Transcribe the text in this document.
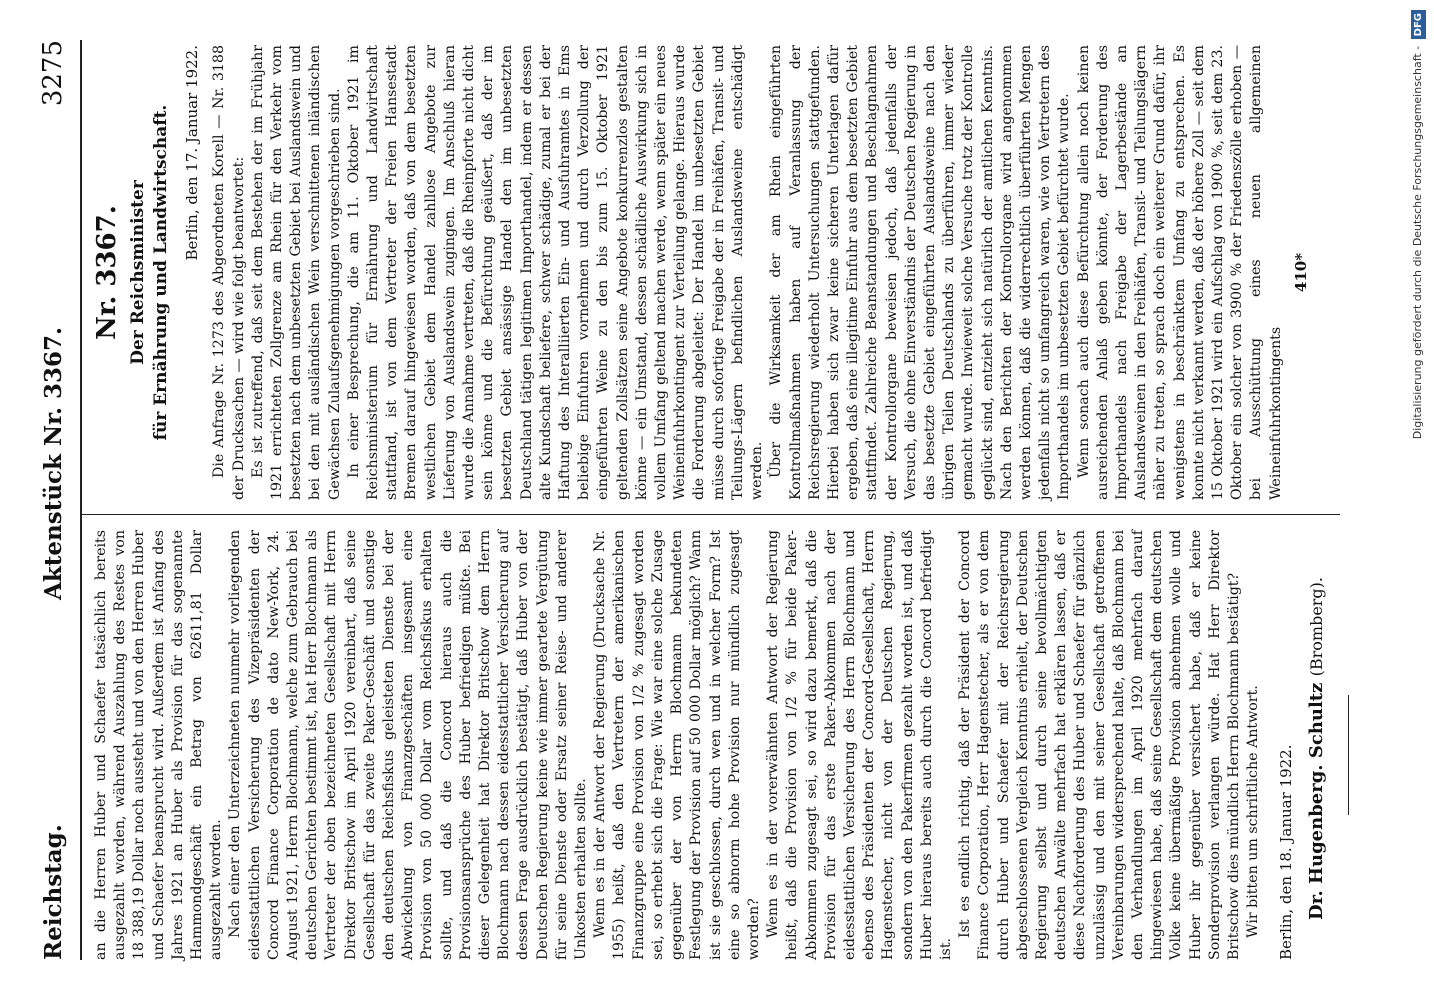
Reichstag.
Aktenstück Nr. 3367.
3275

an die Herren Huber und Schaefer tatsächlich bereits ausgezahlt worden, während Auszahlung des Restes von 18 388,19 Dollar noch aussteht und von den Herren Huber und Schaefer beansprucht wird. Außerdem ist Anfang des Jahres 1921 an Huber als Provision für das sogenannte Hammondgeschäft ein Betrag von 62611,81 Dollar ausgezahlt worden. Nach einer den Unterzeichneten nunmehr vorliegenden eidesstattlichen Versicherung des Vizepräsidenten der Concord Finance Corporation de dato New-York, 24. August 1921, Herrn Blochmann, welche zum Gebrauch bei deutschen Gerichten bestimmt ist, hat Herr Blochmann als Vertreter der oben bezeichneten Gesellschaft mit Herrn Direktor Britschow im April 1920 vereinbart, daß seine Gesellschaft für das zweite Paker-Geschäft und sonstige den deutschen Reichsfiskus geleisteten Dienste bei der Abwickelung von Finanzgeschäften insgesamt eine Provision von 50 000 Dollar vom Reichsfiskus erhalten sollte, und daß die Concord hieraus auch die Provisionsansprüche des Huber befriedigen müßte. Bei dieser Gelegenheit hat Direktor Britschow dem Herrn Blochmann nach dessen eidesstattlicher Versicherung auf dessen Frage ausdrücklich bestätigt, daß Huber von der Deutschen Regierung keine wie immer geartete Vergütung für seine Dienste oder Ersatz seiner Reise- und anderer Unkosten erhalten sollte. Wenn es in der Antwort der Regierung (Drucksache Nr. 1955) heißt, daß den Vertretern der amerikanischen Finanzgruppe eine Provision von 1/2 % zugesagt worden sei, so erhebt sich die Frage: Wie war eine solche Zusage gegenüber der von Herrn Blochmann bekundeten Festlegung der Provision auf 50 000 Dollar möglich? Wann ist sie geschlossen, durch wen und in welcher Form? Ist eine so abnorm hohe Provision nur mündlich zugesagt worden? Wenn es in der vorerwähnten Antwort der Regierung heißt, daß die Provision von 1/2 % für beide Paker-Abkommen zugesagt sei, so wird dazu bemerkt, daß die Provision für das erste Paker-Abkommen nach der eidesstattlichen Versicherung des Herrn Blochmann und ebenso des Präsidenten der Concord-Gesellschaft, Herrn Hagenstecher, nicht von der Deutschen Regierung, sondern von den Pakerfirmen gezahlt worden ist, und daß Huber hieraus bereits auch durch die Concord befriedigt ist.

Ist es endlich richtig, daß der Präsident der Concord Finance Corporation, Herr Hagenstecher, als er von dem durch Huber und Schaefer mit der Reichsregierung abgeschlossenen Vergleich Kenntnis erhielt, der Deutschen Regierung selbst und durch seine bevollmächtigten deutschen Anwälte mehrfach hat erklären lassen, daß er diese Nachforderung des Huber und Schaefer für gänzlich unzulässig und den mit seiner Gesellschaft getroffenen Vereinbarungen widersprechend halte, daß Blochmann bei den Verhandlungen im April 1920 mehrfach darauf hingewiesen habe, daß seine Gesellschaft dem deutschen Volke keine übermäßige Provision abnehmen wolle und Huber ihr gegenüber versichert habe, daß er keine Sonderprovision verlangen würde. Hat Herr Direktor Britschow dies mündlich Herrn Blochmann bestätigt? Wir bitten um schriftliche Antwort. Berlin, den 18. Januar 1922. Dr. Hugenberg. Schultz (Bromberg).
Nr. 3367. Der Reichsminister für Ernährung und Landwirtschaft. Berlin, den 17. Januar 1922. Die Anfrage Nr. 1273 des Abgeordneten Korell — Nr. 3188 der Drucksachen — wird wie folgt beantwortet: Es ist zutreffend, daß seit dem Bestehen der im Frühjahr 1921 errichteten Zollgrenze am Rhein für den Verkehr vom besetzten nach dem unbesetzten Gebiet bei Auslandswein und bei den mit ausländischen Wein verschnittenen inländischen Gewächsen Zulaufsgenehmigungen vorgeschrieben sind. In einer Besprechung, die am 11. Oktober 1921 im Reichsministerium für Ernährung und Landwirtschaft stattfand, ist von dem Vertreter der Freien Hansestadt Bremen darauf hingewiesen worden, daß von dem besetzten westlichen Gebiet dem Handel zahllose Angebote zur Lieferung von Auslandswein zugingen. Im Anschluß hieran wurde die Annahme vertreten, daß die Rheinpforte nicht dicht sein könne und die Befürchtung geäußert, daß der im besetzten Gebiet ansässige Handel den im unbesetzten Deutschland tätigen legitimen Importhandel, indem er dessen alte Kundschaft beliefere, schwer schädige, zumal er bei der Haftung des Interalliierten Ein- und Ausfuhramtes in Ems beliebige Einfuhren vornehmen und durch Verzollung der eingeführten Weine zu den bis zum 15. Oktober 1921 geltenden Zollsätzen seine Angebote konkurrenzlos gestalten könne — ein Umstand, dessen schädliche Auswirkung sich in vollem Umfang geltend machen werde, wenn später ein neues Weineinfuhrkontingent zur Verteilung gelange. Hieraus wurde die Forderung abgeleitet: Der Handel im unbesetzten Gebiet müsse durch sofortige Freigabe der in Freihäfen, Transit- und Teilungs-Lägern befindlichen Auslandsweine entschädigt werden. Über die Wirksamkeit der am Rhein eingeführten Kontrollmaßnahmen haben auf Veranlassung der Reichsregierung wiederholt Untersuchungen stattgefunden. Hierbei haben sich zwar keine sicheren Unterlagen dafür ergeben, daß eine illegitime Einfuhr aus dem besetzten Gebiet stattfindet. Zahlreiche Beanstandungen und Beschlagnahmen der Kontrollorgane beweisen jedoch, daß jedenfalls der Versuch, die ohne Einverständnis der Deutschen Regierung in das besetzte Gebiet eingeführten Auslandsweine nach den übrigen Teilen Deutschlands zu überführen, immer wieder gemacht wurde. Inwieweit solche Versuche trotz der Kontrolle geglückt sind, entzieht sich natürlich der amtlichen Kenntnis. Nach den Berichten der Kontrollorgane wird angenommen werden können, daß die widerrechtlich überführten Mengen jedenfalls nicht so umfangreich waren, wie von Vertretern des Importhandels im unbesetzten Gebiet befürchtet wurde. Wenn sonach auch diese Befürchtung allein noch keinen ausreichenden Anlaß geben könnte, der Forderung des Importhandels nach Freigabe der Lagerbestände an Auslandsweinen in den Freihäfen, Transit- und Teilungslägern näher zu treten, so sprach doch ein weiterer Grund dafür, ihr wenigstens in beschränktem Umfang zu entsprechen. Es konnte nicht verkannt werden, daß der höhere Zoll — seit dem 15 Oktober 1921 wird ein Aufschlag von 1900 %, seit dem 23. Oktober ein solcher von 3900 % der Friedenszölle erhoben — bei Ausschüttung eines neuen allgemeinen Weineinfuhrkontingents

410*	Digitalisierung gefördert durch die Deutsche Forschungsgemeinschaft - DFG
